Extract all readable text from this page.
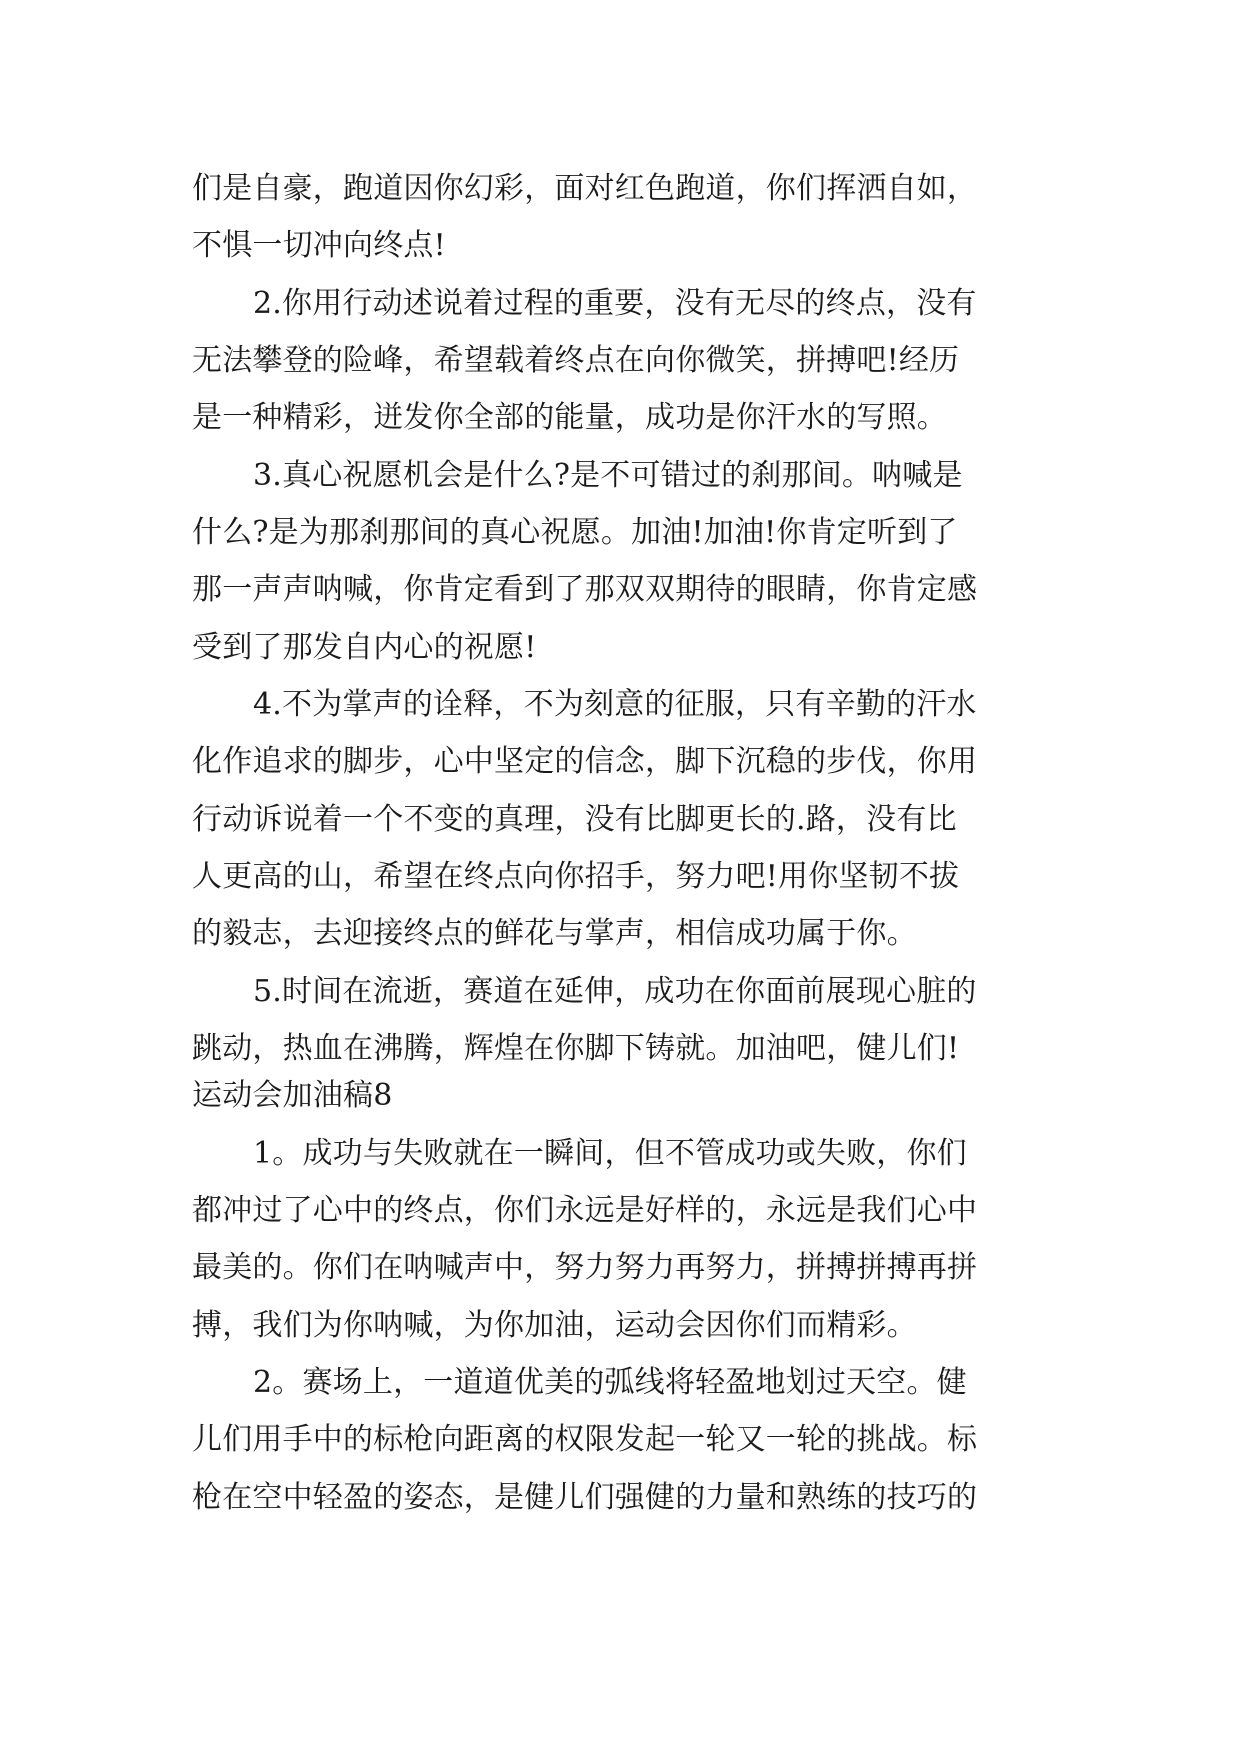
们是自豪，跑道因你幻彩，面对红色跑道，你们挥洒自如，
不惧一切冲向终点!
2.你用行动述说着过程的重要，没有无尽的终点，没有
无法攀登的险峰，希望载着终点在向你微笑，拼搏吧!经历
是一种精彩，迸发你全部的能量，成功是你汗水的写照。
3.真心祝愿机会是什么?是不可错过的刹那间。呐喊是
什么?是为那刹那间的真心祝愿。加油!加油!你肯定听到了
那一声声呐喊，你肯定看到了那双双期待的眼睛，你肯定感
受到了那发自内心的祝愿!
4.不为掌声的诠释，不为刻意的征服，只有辛勤的汗水
化作追求的脚步，心中坚定的信念，脚下沉稳的步伐，你用
行动诉说着一个不变的真理，没有比脚更长的.路，没有比
人更高的山，希望在终点向你招手，努力吧!用你坚韧不拔
的毅志，去迎接终点的鲜花与掌声，相信成功属于你。
5.时间在流逝，赛道在延伸，成功在你面前展现心脏的
跳动，热血在沸腾，辉煌在你脚下铸就。加油吧，健儿们!
运动会加油稿8
1。成功与失败就在一瞬间，但不管成功或失败，你们
都冲过了心中的终点，你们永远是好样的，永远是我们心中
最美的。你们在呐喊声中，努力努力再努力，拼搏拼搏再拼
搏，我们为你呐喊，为你加油，运动会因你们而精彩。
2。赛场上，一道道优美的弧线将轻盈地划过天空。健
儿们用手中的标枪向距离的权限发起一轮又一轮的挑战。标
枪在空中轻盈的姿态，是健儿们强健的力量和熟练的技巧的
